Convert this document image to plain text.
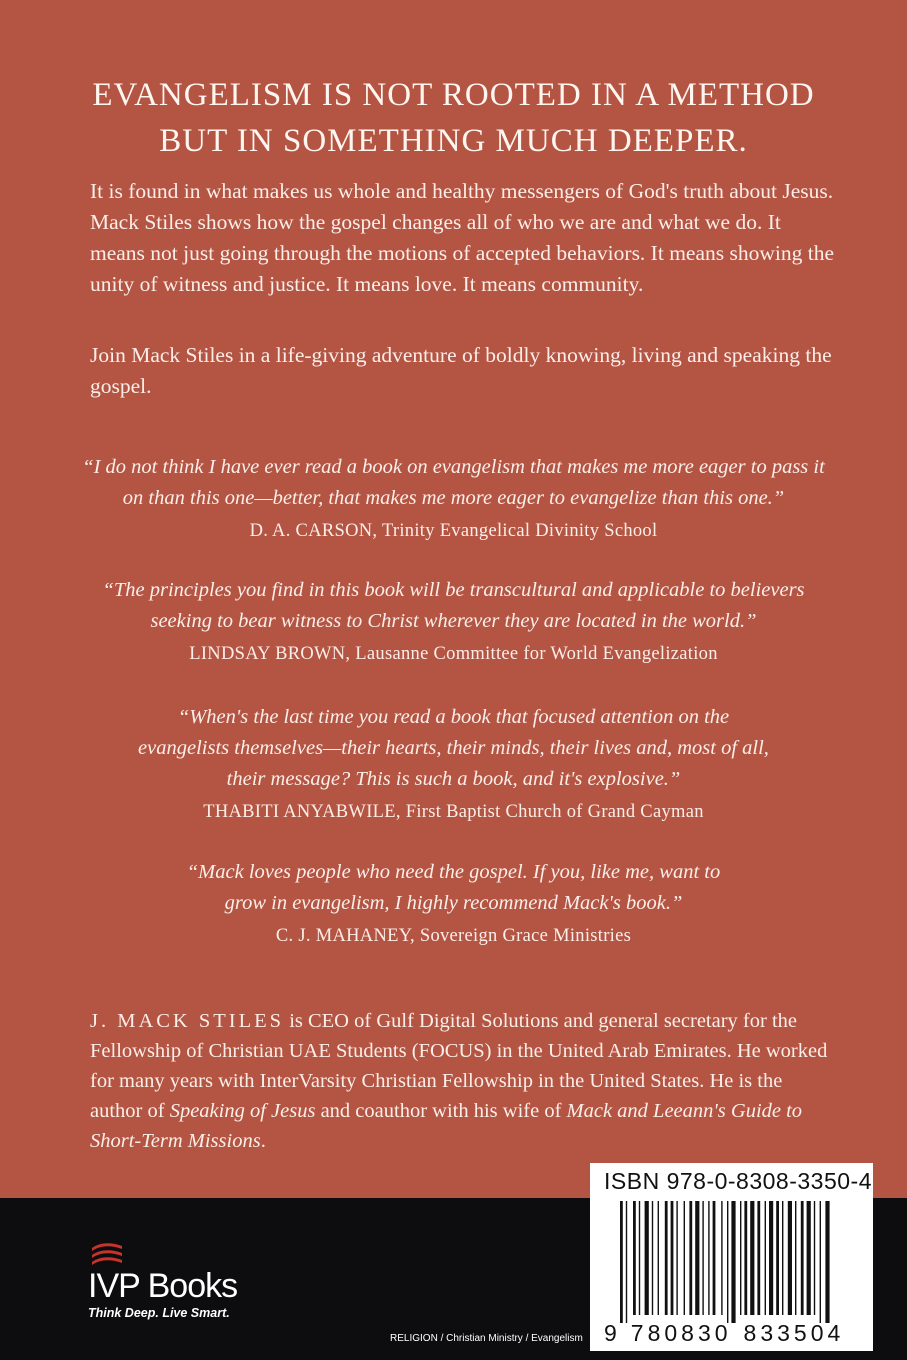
EVANGELISM IS NOT ROOTED IN A METHOD
BUT IN SOMETHING MUCH DEEPER.
It is found in what makes us whole and healthy messengers of God's truth about Jesus. Mack Stiles shows how the gospel changes all of who we are and what we do. It means not just going through the motions of accepted behaviors. It means showing the unity of witness and justice. It means love. It means community.
Join Mack Stiles in a life-giving adventure of boldly knowing, living and speaking the gospel.
“I do not think I have ever read a book on evangelism that makes me more eager to pass it
on than this one—better, that makes me more eager to evangelize than this one.”
D. A. CARSON, Trinity Evangelical Divinity School
“The principles you find in this book will be transcultural and applicable to believers
seeking to bear witness to Christ wherever they are located in the world.”
LINDSAY BROWN, Lausanne Committee for World Evangelization
“When's the last time you read a book that focused attention on the
evangelists themselves—their hearts, their minds, their lives and, most of all,
their message? This is such a book, and it's explosive.”
THABITI ANYABWILE, First Baptist Church of Grand Cayman
“Mack loves people who need the gospel. If you, like me, want to
grow in evangelism, I highly recommend Mack's book.”
C. J. MAHANEY, Sovereign Grace Ministries
J. MACK STILES is CEO of Gulf Digital Solutions and general secretary for the Fellowship of Christian UAE Students (FOCUS) in the United Arab Emirates. He worked for many years with InterVarsity Christian Fellowship in the United States. He is the author of Speaking of Jesus and coauthor with his wife of Mack and Leeann's Guide to Short-Term Missions.
IVP Books
Think Deep. Live Smart.
RELIGION / Christian Ministry / Evangelism
ISBN 978-0-8308-3350-4
9 780830 833504
